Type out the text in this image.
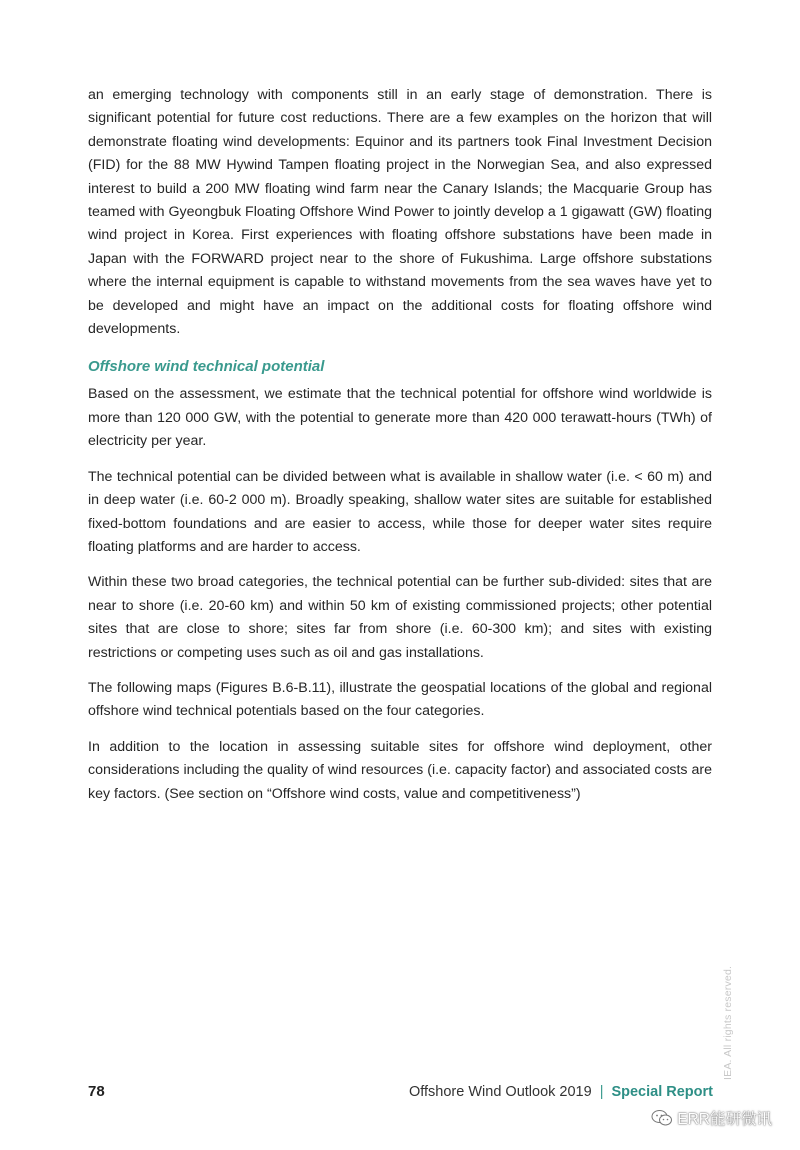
an emerging technology with components still in an early stage of demonstration. There is significant potential for future cost reductions. There are a few examples on the horizon that will demonstrate floating wind developments: Equinor and its partners took Final Investment Decision (FID) for the 88 MW Hywind Tampen floating project in the Norwegian Sea, and also expressed interest to build a 200 MW floating wind farm near the Canary Islands; the Macquarie Group has teamed with Gyeongbuk Floating Offshore Wind Power to jointly develop a 1 gigawatt (GW) floating wind project in Korea. First experiences with floating offshore substations have been made in Japan with the FORWARD project near to the shore of Fukushima. Large offshore substations where the internal equipment is capable to withstand movements from the sea waves have yet to be developed and might have an impact on the additional costs for floating offshore wind developments.

Offshore wind technical potential

Based on the assessment, we estimate that the technical potential for offshore wind worldwide is more than 120 000 GW, with the potential to generate more than 420 000 terawatt-hours (TWh) of electricity per year.

The technical potential can be divided between what is available in shallow water (i.e. < 60 m) and in deep water (i.e. 60-2 000 m). Broadly speaking, shallow water sites are suitable for established fixed-bottom foundations and are easier to access, while those for deeper water sites require floating platforms and are harder to access.

Within these two broad categories, the technical potential can be further sub-divided: sites that are near to shore (i.e. 20-60 km) and within 50 km of existing commissioned projects; other potential sites that are close to shore; sites far from shore (i.e. 60-300 km); and sites with existing restrictions or competing uses such as oil and gas installations.

The following maps (Figures B.6-B.11), illustrate the geospatial locations of the global and regional offshore wind technical potentials based on the four categories.

In addition to the location in assessing suitable sites for offshore wind deployment, other considerations including the quality of wind resources (i.e. capacity factor) and associated costs are key factors. (See section on “Offshore wind costs, value and competitiveness”)

IEA. All rights reserved.
78	Offshore Wind Outlook 2019 | Special Report
ERR能研微讯
